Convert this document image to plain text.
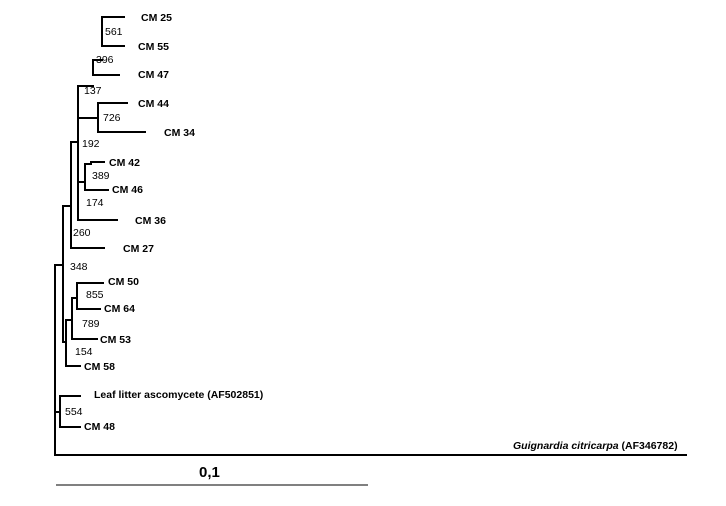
CM 25
CM 55
CM 47
CM 44
CM 34
CM 42
CM 46
CM 36
CM 27
CM 50
CM 64
CM 53
CM 58
Leaf litter ascomycete (AF502851)
CM 48
Guignardia citricarpa (AF346782)
561
396
137
726
192
389
174
260
348
855
789
154
554
0,1
